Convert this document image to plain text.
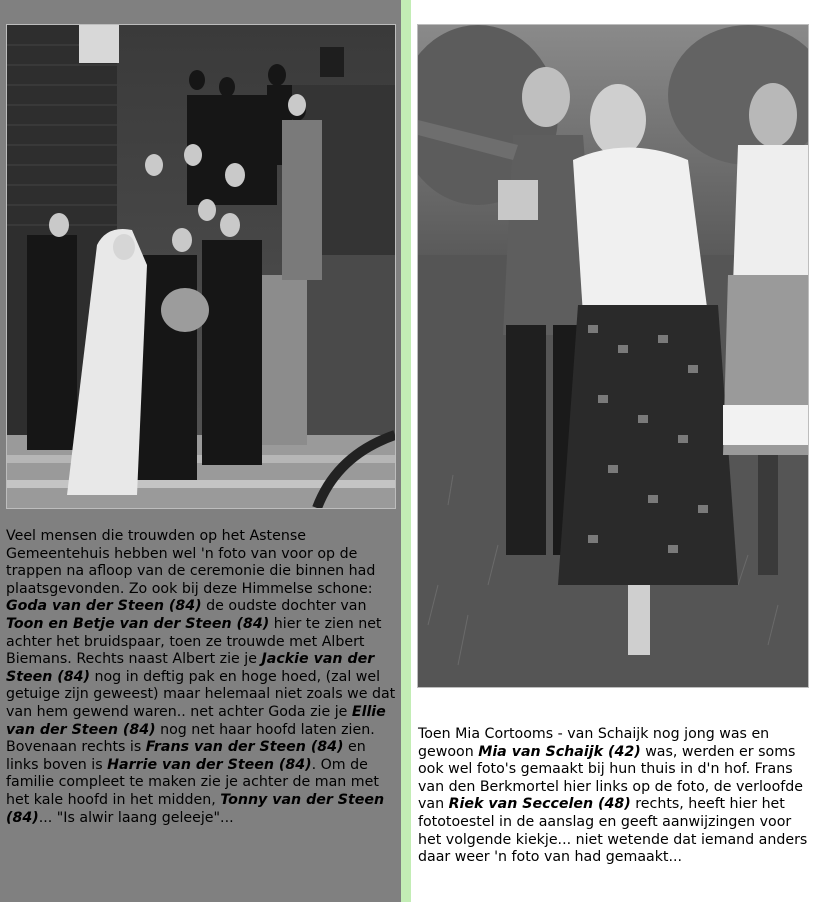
Veel mensen die trouwden op het Astense Gemeentehuis hebben wel 'n foto van voor op de trappen na afloop van de ceremonie die binnen had plaatsgevonden. Zo ook bij deze Himmelse schone: Goda van der Steen (84) de oudste dochter van Toon en Betje van der Steen (84) hier te zien net achter het bruidspaar, toen ze trouwde met Albert Biemans. Rechts naast Albert zie je Jackie van der Steen (84) nog in deftig pak en hoge hoed, (zal wel getuige zijn geweest) maar helemaal niet zoals we dat van hem gewend waren.. net achter Goda zie je Ellie van der Steen (84) nog net haar hoofd laten zien. Bovenaan rechts is Frans van der Steen (84) en links boven is Harrie van der Steen (84). Om de familie compleet te maken zie je achter de man met het kale hoofd in het midden, Tonny van der Steen (84)... "Is alwir laang geleeje"...
Toen Mia Cortooms - van Schaijk nog jong was en gewoon Mia van Schaijk (42) was, werden er soms ook wel foto's gemaakt bij hun thuis in d'n hof. Frans van den Berkmortel hier links op de foto, de verloofde van Riek van Seccelen (48) rechts, heeft hier het fototoestel in de aanslag en geeft aanwijzingen voor het volgende kiekje... niet wetende dat iemand anders daar weer 'n foto van had gemaakt...
